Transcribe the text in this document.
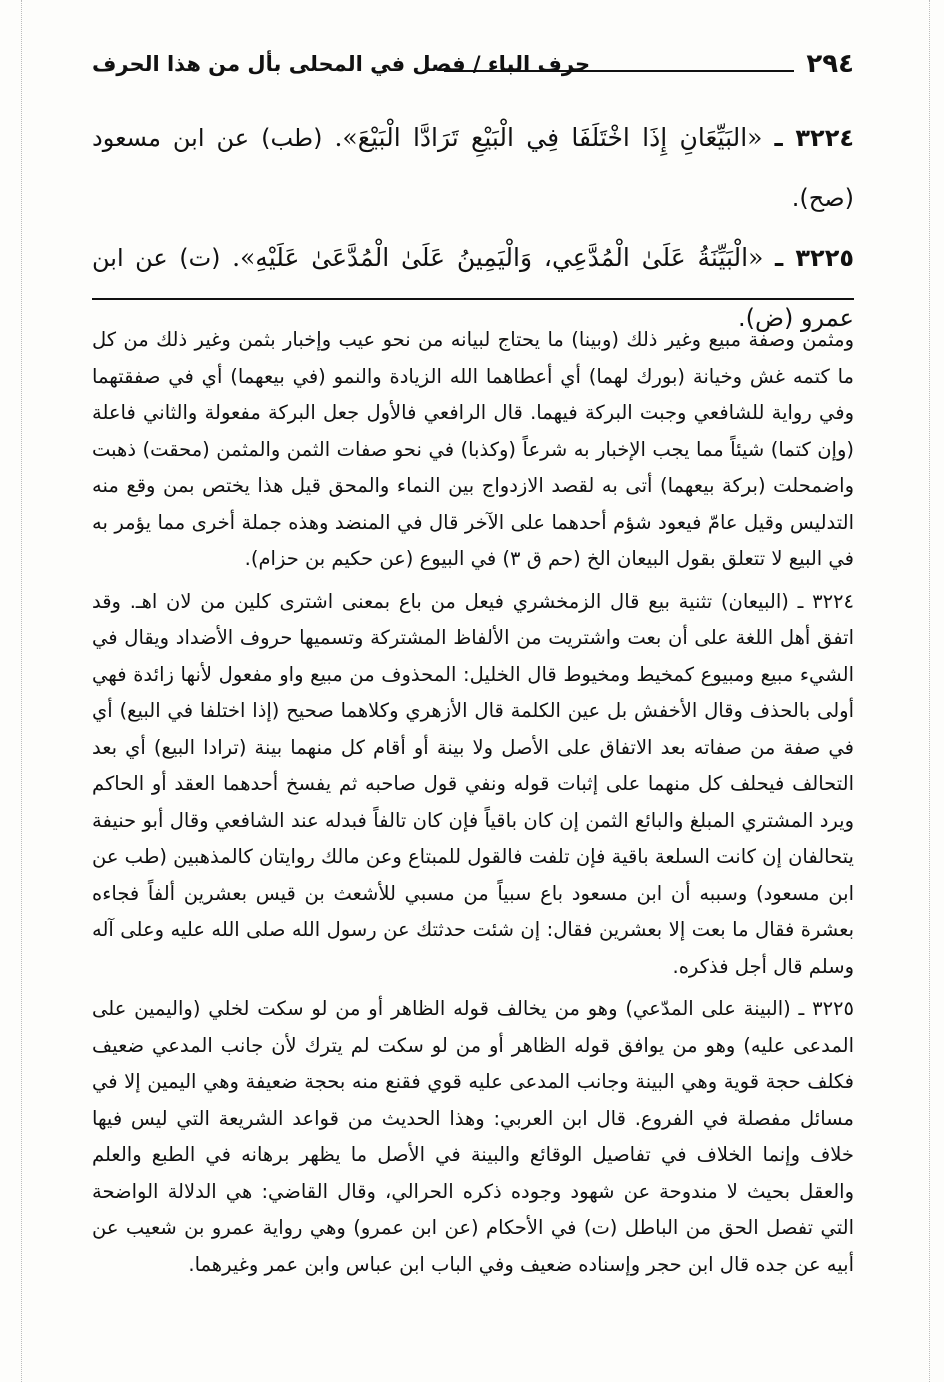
٢٩٤
حرف الباء / فصل في المحلى بأل من هذا الحرف

٣٢٢٤ ـ «البَيِّعَانِ إِذَا اخْتَلَفَا فِي الْبَيْعِ تَرَادَّا الْبَيْعَ». (طب) عن ابن مسعود (صح).

٣٢٢٥ ـ «الْبَيِّنَةُ عَلَىٰ الْمُدَّعِي، وَالْيَمِينُ عَلَىٰ الْمُدَّعَىٰ عَلَيْهِ». (ت) عن ابن عمرو (ض).

ومثمن وصفة مبيع وغير ذلك (وبينا) ما يحتاج لبيانه من نحو عيب وإخبار بثمن وغير ذلك من كل ما كتمه غش وخيانة (بورك لهما) أي أعطاهما الله الزيادة والنمو (في بيعهما) أي في صفقتهما وفي رواية للشافعي وجبت البركة فيهما. قال الرافعي فالأول جعل البركة مفعولة والثاني فاعلة (وإن كتما) شيئاً مما يجب الإخبار به شرعاً (وكذبا) في نحو صفات الثمن والمثمن (محقت) ذهبت واضمحلت (بركة بيعهما) أتى به لقصد الازدواج بين النماء والمحق قيل هذا يختص بمن وقع منه التدليس وقيل عامّ فيعود شؤم أحدهما على الآخر قال في المنضد وهذه جملة أخرى مما يؤمر به في البيع لا تتعلق بقول البيعان الخ (حم ق ٣) في البيوع (عن حكيم بن حزام).

٣٢٢٤ ـ (البيعان) تثنية بيع قال الزمخشري فيعل من باع بمعنى اشترى كلين من لان اهـ. وقد اتفق أهل اللغة على أن بعت واشتريت من الألفاظ المشتركة وتسميها حروف الأضداد ويقال في الشيء مبيع ومبيوع كمخيط ومخيوط قال الخليل: المحذوف من مبيع واو مفعول لأنها زائدة فهي أولى بالحذف وقال الأخفش بل عين الكلمة قال الأزهري وكلاهما صحيح (إذا اختلفا في البيع) أي في صفة من صفاته بعد الاتفاق على الأصل ولا بينة أو أقام كل منهما بينة (ترادا البيع) أي بعد التحالف فيحلف كل منهما على إثبات قوله ونفي قول صاحبه ثم يفسخ أحدهما العقد أو الحاكم ويرد المشتري المبلغ والبائع الثمن إن كان باقياً فإن كان تالفاً فبدله عند الشافعي وقال أبو حنيفة يتحالفان إن كانت السلعة باقية فإن تلفت فالقول للمبتاع وعن مالك روايتان كالمذهبين (طب عن ابن مسعود) وسببه أن ابن مسعود باع سبياً من مسبي للأشعث بن قيس بعشرين ألفاً فجاءه بعشرة فقال ما بعت إلا بعشرين فقال: إن شئت حدثتك عن رسول الله صلى الله عليه وعلى آله وسلم قال أجل فذكره.

٣٢٢٥ ـ (البينة على المدّعي) وهو من يخالف قوله الظاهر أو من لو سكت لخلي (واليمين على المدعى عليه) وهو من يوافق قوله الظاهر أو من لو سكت لم يترك لأن جانب المدعي ضعيف فكلف حجة قوية وهي البينة وجانب المدعى عليه قوي فقنع منه بحجة ضعيفة وهي اليمين إلا في مسائل مفصلة في الفروع. قال ابن العربي: وهذا الحديث من قواعد الشريعة التي ليس فيها خلاف وإنما الخلاف في تفاصيل الوقائع والبينة في الأصل ما يظهر برهانه في الطبع والعلم والعقل بحيث لا مندوحة عن شهود وجوده ذكره الحرالي، وقال القاضي: هي الدلالة الواضحة التي تفصل الحق من الباطل (ت) في الأحكام (عن ابن عمرو) وهي رواية عمرو بن شعيب عن أبيه عن جده قال ابن حجر وإسناده ضعيف وفي الباب ابن عباس وابن عمر وغيرهما.
